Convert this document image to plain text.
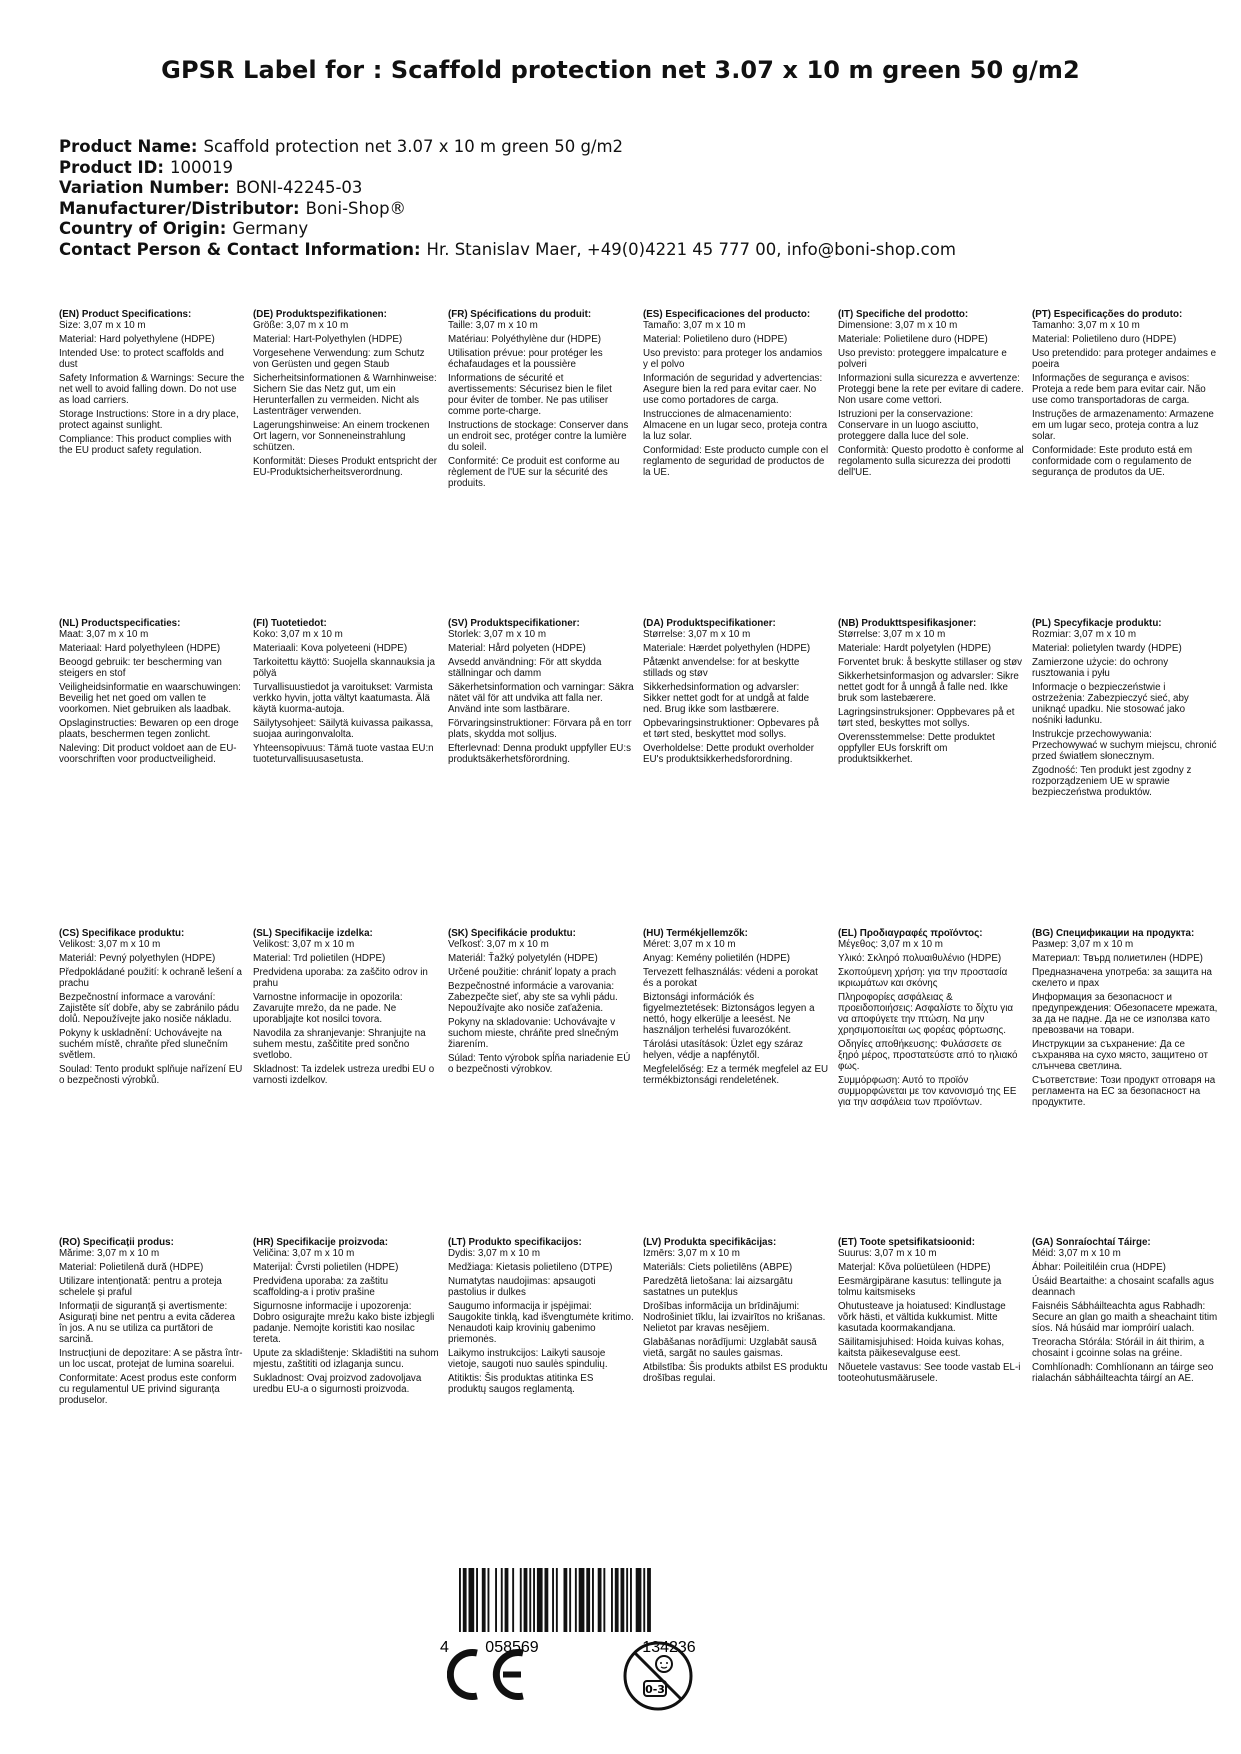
GPSR Label for : Scaffold protection net 3.07 x 10 m green 50 g/m2
Product Name: Scaffold protection net 3.07 x 10 m green 50 g/m2
Product ID: 100019
Variation Number: BONI-42245-03
Manufacturer/Distributor: Boni-Shop®
Country of Origin: Germany
Contact Person & Contact Information: Hr. Stanislav Maer, +49(0)4221 45 777 00, info@boni-shop.com
(EN) Product Specifications:
Size: 3,07 m x 10 m
Material: Hard polyethylene (HDPE)
Intended Use: to protect scaffolds and dust
Safety Information & Warnings: Secure the net well to avoid falling down. Do not use as load carriers.
Storage Instructions: Store in a dry place, protect against sunlight.
Compliance: This product complies with the EU product safety regulation.
(DE) Produktspezifikationen:
Größe: 3,07 m x 10 m
Material: Hart-Polyethylen (HDPE)
Vorgesehene Verwendung: zum Schutz von Gerüsten und gegen Staub
Sicherheitsinformationen & Warnhinweise: Sichern Sie das Netz gut, um ein Herunterfallen zu vermeiden. Nicht als Lastenträger verwenden.
Lagerungshinweise: An einem trockenen Ort lagern, vor Sonneneinstrahlung schützen.
Konformität: Dieses Produkt entspricht der EU-Produktsicherheitsverordnung.
(FR) Spécifications du produit:
Taille: 3,07 m x 10 m
Matériau: Polyéthylène dur (HDPE)
Utilisation prévue: pour protéger les échafaudages et la poussière
Informations de sécurité et avertissements: Sécurisez bien le filet pour éviter de tomber. Ne pas utiliser comme porte-charge.
Instructions de stockage: Conserver dans un endroit sec, protéger contre la lumière du soleil.
Conformité: Ce produit est conforme au règlement de l'UE sur la sécurité des produits.
(ES) Especificaciones del producto:
Tamaño: 3,07 m x 10 m
Material: Polietileno duro (HDPE)
Uso previsto: para proteger los andamios y el polvo
Información de seguridad y advertencias: Asegure bien la red para evitar caer. No use como portadores de carga.
Instrucciones de almacenamiento: Almacene en un lugar seco, proteja contra la luz solar.
Conformidad: Este producto cumple con el reglamento de seguridad de productos de la UE.
(IT) Specifiche del prodotto:
Dimensione: 3,07 m x 10 m
Materiale: Polietilene duro (HDPE)
Uso previsto: proteggere impalcature e polveri
Informazioni sulla sicurezza e avvertenze: Proteggi bene la rete per evitare di cadere. Non usare come vettori.
Istruzioni per la conservazione: Conservare in un luogo asciutto, proteggere dalla luce del sole.
Conformità: Questo prodotto è conforme al regolamento sulla sicurezza dei prodotti dell'UE.
(PT) Especificações do produto:
Tamanho: 3,07 m x 10 m
Material: Polietileno duro (HDPE)
Uso pretendido: para proteger andaimes e poeira
Informações de segurança e avisos: Proteja a rede bem para evitar cair. Não use como transportadoras de carga.
Instruções de armazenamento: Armazene em um lugar seco, proteja contra a luz solar.
Conformidade: Este produto está em conformidade com o regulamento de segurança de produtos da UE.
(NL) Productspecificaties:
Maat: 3,07 m x 10 m
Materiaal: Hard polyethyleen (HDPE)
Beoogd gebruik: ter bescherming van steigers en stof
Veiligheidsinformatie en waarschuwingen: Beveilig het net goed om vallen te voorkomen. Niet gebruiken als laadbak.
Opslaginstructies: Bewaren op een droge plaats, beschermen tegen zonlicht.
Naleving: Dit product voldoet aan de EU-voorschriften voor productveiligheid.
(FI) Tuotetiedot:
Koko: 3,07 m x 10 m
Materiaali: Kova polyeteeni (HDPE)
Tarkoitettu käyttö: Suojella skannauksia ja pölyä
Turvallisuustiedot ja varoitukset: Varmista verkko hyvin, jotta vältyt kaatumasta. Älä käytä kuorma-autoja.
Säilytysohjeet: Säilytä kuivassa paikassa, suojaa auringonvalolta.
Yhteensopivuus: Tämä tuote vastaa EU:n tuoteturvallisuusasetusta.
(SV) Produktspecifikationer:
Storlek: 3,07 m x 10 m
Material: Hård polyeten (HDPE)
Avsedd användning: För att skydda ställningar och damm
Säkerhetsinformation och varningar: Säkra nätet väl för att undvika att falla ner. Använd inte som lastbärare.
Förvaringsinstruktioner: Förvara på en torr plats, skydda mot solljus.
Efterlevnad: Denna produkt uppfyller EU:s produktsäkerhetsförordning.
(DA) Produktspecifikationer:
Størrelse: 3,07 m x 10 m
Materiale: Hærdet polyethylen (HDPE)
Påtænkt anvendelse: for at beskytte stillads og støv
Sikkerhedsinformation og advarsler: Sikker nettet godt for at undgå at falde ned. Brug ikke som lastbærere.
Opbevaringsinstruktioner: Opbevares på et tørt sted, beskyttet mod sollys.
Overholdelse: Dette produkt overholder EU's produktsikkerhedsforordning.
(NB) Produkttspesifikasjoner:
Størrelse: 3,07 m x 10 m
Materiale: Hardt polyetylen (HDPE)
Forventet bruk: å beskytte stillaser og støv
Sikkerhetsinformasjon og advarsler: Sikre nettet godt for å unngå å falle ned. Ikke bruk som lastebærere.
Lagringsinstruksjoner: Oppbevares på et tørt sted, beskyttes mot sollys.
Overensstemmelse: Dette produktet oppfyller EUs forskrift om produktsikkerhet.
(PL) Specyfikacje produktu:
Rozmiar: 3,07 m x 10 m
Materiał: polietylen twardy (HDPE)
Zamierzone użycie: do ochrony rusztowania i pyłu
Informacje o bezpieczeństwie i ostrzeżenia: Zabezpieczyć sieć, aby uniknąć upadku. Nie stosować jako nośniki ładunku.
Instrukcje przechowywania: Przechowywać w suchym miejscu, chronić przed światłem słonecznym.
Zgodność: Ten produkt jest zgodny z rozporządzeniem UE w sprawie bezpieczeństwa produktów.
(CS) Specifikace produktu:
Velikost: 3,07 m x 10 m
Materiál: Pevný polyethylen (HDPE)
Předpokládané použití: k ochraně lešení a prachu
Bezpečnostní informace a varování: Zajistěte síť dobře, aby se zabránilo pádu dolů. Nepoužívejte jako nosiče nákladu.
Pokyny k uskladnění: Uchovávejte na suchém místě, chraňte před slunečním světlem.
Soulad: Tento produkt splňuje nařízení EU o bezpečnosti výrobků.
(SL) Specifikacije izdelka:
Velikost: 3,07 m x 10 m
Material: Trd polietilen (HDPE)
Predvidena uporaba: za zaščito odrov in prahu
Varnostne informacije in opozorila: Zavarujte mrežo, da ne pade. Ne uporabljajte kot nosilci tovora.
Navodila za shranjevanje: Shranjujte na suhem mestu, zaščitite pred sončno svetlobo.
Skladnost: Ta izdelek ustreza uredbi EU o varnosti izdelkov.
(SK) Špecifikácie produktu:
Veľkosť: 3,07 m x 10 m
Materiál: Ťažký polyetylén (HDPE)
Určené použitie: chrániť lopaty a prach
Bezpečnostné informácie a varovania: Zabezpečte sieť, aby ste sa vyhli pádu. Nepoužívajte ako nosiče zaťaženia.
Pokyny na skladovanie: Uchovávajte v suchom mieste, chráňte pred slnečným žiarením.
Súlad: Tento výrobok spĺňa nariadenie EÚ o bezpečnosti výrobkov.
(HU) Termékjellemzők:
Méret: 3,07 m x 10 m
Anyag: Kemény polietilén (HDPE)
Tervezett felhasználás: védeni a porokat és a porokat
Biztonsági információk és figyelmeztetések: Biztonságos legyen a nettó, hogy elkerülje a leesést. Ne használjon terhelési fuvarozóként.
Tárolási utasítások: Üzlet egy száraz helyen, védje a napfénytől.
Megfelelőség: Ez a termék megfelel az EU termékbiztonsági rendeletének.
(EL) Προδιαγραφές προϊόντος:
Μέγεθος: 3,07 m x 10 m
Υλικό: Σκληρό πολυαιθυλένιο (HDPE)
Σκοπούμενη χρήση: για την προστασία ικριωμάτων και σκόνης
Πληροφορίες ασφάλειας & προειδοποιήσεις: Ασφαλίστε το δίχτυ για να αποφύγετε την πτώση. Να μην χρησιμοποιείται ως φορέας φόρτωσης.
Οδηγίες αποθήκευσης: Φυλάσσετε σε ξηρό μέρος, προστατεύστε από το ηλιακό φως.
Συμμόρφωση: Αυτό το προϊόν συμμορφώνεται με τον κανονισμό της ΕΕ για την ασφάλεια των προϊόντων.
(BG) Спецификации на продукта:
Размер: 3,07 m x 10 m
Материал: Твърд полиетилен (HDPE)
Предназначена употреба: за защита на скелето и прах
Информация за безопасност и предупреждения: Обезопасете мрежата, за да не падне. Да не се използва като превозвачи на товари.
Инструкции за съхранение: Да се съхранява на сухо място, защитено от слънчева светлина.
Съответствие: Този продукт отговаря на регламента на ЕС за безопасност на продуктите.
(RO) Specificații produs:
Mărime: 3,07 m x 10 m
Material: Polietilenă dură (HDPE)
Utilizare intenționată: pentru a proteja schelele și praful
Informații de siguranță și avertismente: Asigurați bine net pentru a evita căderea în jos. A nu se utiliza ca purtători de sarcină.
Instrucțiuni de depozitare: A se păstra într-un loc uscat, protejat de lumina soarelui.
Conformitate: Acest produs este conform cu regulamentul UE privind siguranța produselor.
(HR) Specifikacije proizvoda:
Veličina: 3,07 m x 10 m
Materijal: Čvrsti polietilen (HDPE)
Predviđena uporaba: za zaštitu scaffolding-a i protiv prašine
Sigurnosne informacije i upozorenja: Dobro osigurajte mrežu kako biste izbjegli padanje. Nemojte koristiti kao nosilac tereta.
Upute za skladištenje: Skladištiti na suhom mjestu, zaštititi od izlaganja suncu.
Sukladnost: Ovaj proizvod zadovoljava uredbu EU-a o sigurnosti proizvoda.
(LT) Produkto specifikacijos:
Dydis: 3,07 m x 10 m
Medžiaga: Kietasis polietileno (DTPE)
Numatytas naudojimas: apsaugoti pastolius ir dulkes
Saugumo informacija ir įspėjimai: Saugokite tinklą, kad išvengtumėte kritimo. Nenaudoti kaip krovinių gabenimo priemonės.
Laikymo instrukcijos: Laikyti sausoje vietoje, saugoti nuo saulės spindulių.
Atitiktis: Šis produktas atitinka ES produktų saugos reglamentą.
(LV) Produkta specifikācijas:
Izmērs: 3,07 m x 10 m
Materiāls: Ciets polietilēns (ABPE)
Paredzētā lietošana: lai aizsargātu sastatnes un putekļus
Drošības informācija un brīdinājumi: Nodrošiniet tīklu, lai izvairītos no krišanas. Nelietot par kravas nesējiem.
Glabāšanas norādījumi: Uzglabāt sausā vietā, sargāt no saules gaismas.
Atbilstība: Šis produkts atbilst ES produktu drošības regulai.
(ET) Toote spetsifikatsioonid:
Suurus: 3,07 m x 10 m
Materjal: Kõva polüetüleen (HDPE)
Eesmärgipärane kasutus: tellingute ja tolmu kaitsmiseks
Ohutusteave ja hoiatused: Kindlustage võrk hästi, et vältida kukkumist. Mitte kasutada koormakandjana.
Säilitamisjuhised: Hoida kuivas kohas, kaitsta päikesevalguse eest.
Nõuetele vastavus: See toode vastab EL-i tooteohutusmäärusele.
(GA) Sonraíochtaí Táirge:
Méid: 3,07 m x 10 m
Ábhar: Poileitiléin crua (HDPE)
Úsáid Beartaithe: a chosaint scafalls agus deannach
Faisnéis Sábháilteachta agus Rabhadh: Secure an glan go maith a sheachaint titim síos. Ná húsáid mar iompróirí ualach.
Treoracha Stórála: Stóráil in áit thirim, a chosaint i gcoinne solas na gréine.
Comhlíonadh: Comhlíonann an táirge seo rialachán sábháilteachta táirgí an AE.
4 058569	134236
0-3
